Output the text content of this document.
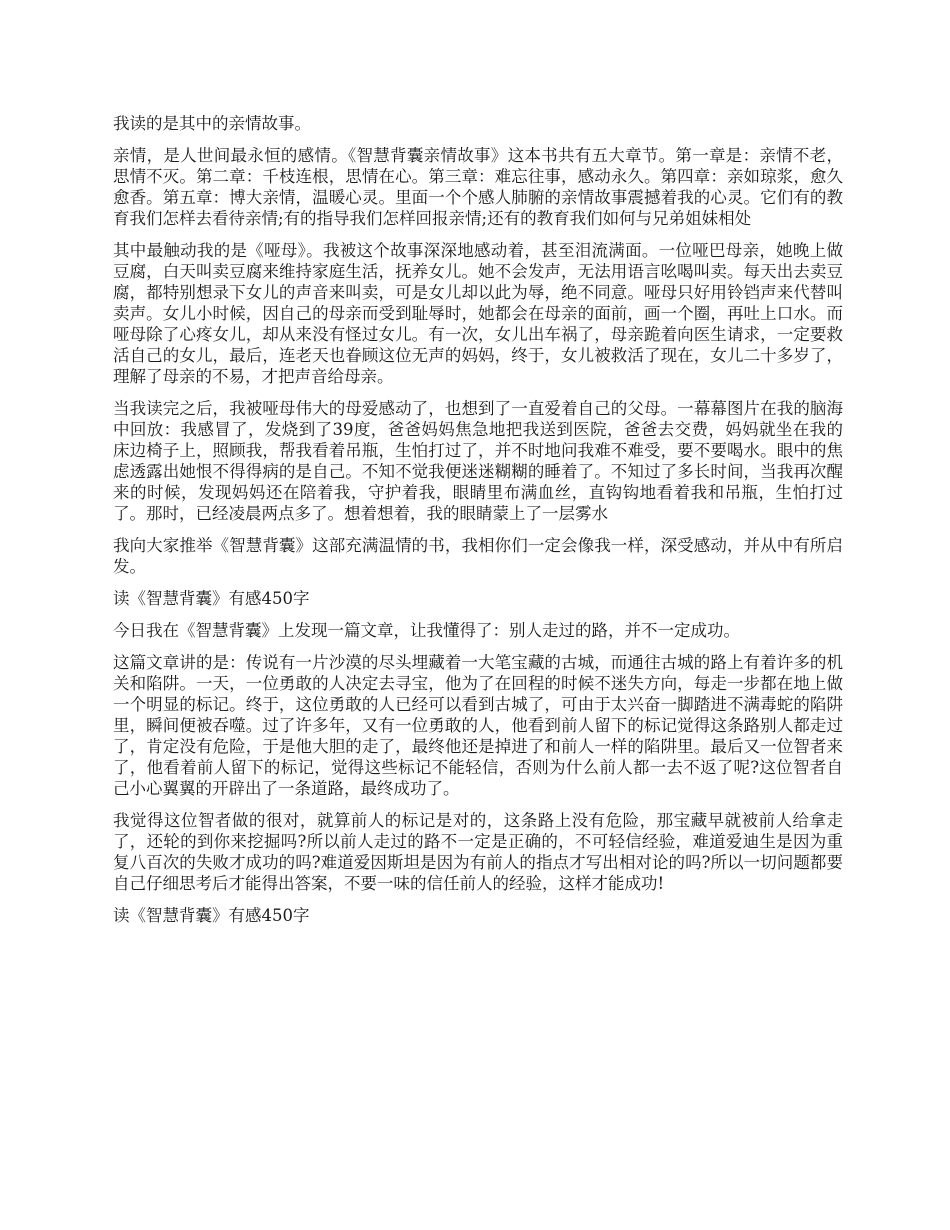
我读的是其中的亲情故事。

亲情，是人世间最永恒的感情。《智慧背囊亲情故事》这本书共有五大章节。第一章是：亲情不老，思情不灭。第二章：千枝连根，思情在心。第三章：难忘往事，感动永久。第四章：亲如琼浆，愈久愈香。第五章：博大亲情，温暖心灵。里面一个个感人肺腑的亲情故事震撼着我的心灵。它们有的教育我们怎样去看待亲情;有的指导我们怎样回报亲情;还有的教育我们如何与兄弟姐妹相处

其中最触动我的是《哑母》。我被这个故事深深地感动着，甚至泪流满面。一位哑巴母亲，她晚上做豆腐，白天叫卖豆腐来维持家庭生活，抚养女儿。她不会发声，无法用语言吆喝叫卖。每天出去卖豆腐，都特别想录下女儿的声音来叫卖，可是女儿却以此为辱，绝不同意。哑母只好用铃铛声来代替叫卖声。女儿小时候，因自己的母亲而受到耻辱时，她都会在母亲的面前，画一个圈，再吐上口水。而哑母除了心疼女儿，却从来没有怪过女儿。有一次，女儿出车祸了，母亲跪着向医生请求，一定要救活自己的女儿，最后，连老天也眷顾这位无声的妈妈，终于，女儿被救活了现在，女儿二十多岁了，理解了母亲的不易，才把声音给母亲。

当我读完之后，我被哑母伟大的母爱感动了，也想到了一直爱着自己的父母。一幕幕图片在我的脑海中回放：我感冒了，发烧到了39度，爸爸妈妈焦急地把我送到医院，爸爸去交费，妈妈就坐在我的床边椅子上，照顾我，帮我看着吊瓶，生怕打过了，并不时地问我难不难受，要不要喝水。眼中的焦虑透露出她恨不得得病的是自己。不知不觉我便迷迷糊糊的睡着了。不知过了多长时间，当我再次醒来的时候，发现妈妈还在陪着我，守护着我，眼睛里布满血丝，直钩钩地看着我和吊瓶，生怕打过了。那时，已经凌晨两点多了。想着想着，我的眼睛蒙上了一层雾水

我向大家推举《智慧背囊》这部充满温情的书，我相你们一定会像我一样，深受感动，并从中有所启发。

读《智慧背囊》有感450字

今日我在《智慧背囊》上发现一篇文章，让我懂得了：别人走过的路，并不一定成功。

这篇文章讲的是：传说有一片沙漠的尽头埋藏着一大笔宝藏的古城，而通往古城的路上有着许多的机关和陷阱。一天，一位勇敢的人决定去寻宝，他为了在回程的时候不迷失方向，每走一步都在地上做一个明显的标记。终于，这位勇敢的人已经可以看到古城了，可由于太兴奋一脚踏进不满毒蛇的陷阱里，瞬间便被吞噬。过了许多年，又有一位勇敢的人，他看到前人留下的标记觉得这条路别人都走过了，肯定没有危险，于是他大胆的走了，最终他还是掉进了和前人一样的陷阱里。最后又一位智者来了，他看着前人留下的标记，觉得这些标记不能轻信，否则为什么前人都一去不返了呢?这位智者自己小心翼翼的开辟出了一条道路，最终成功了。

我觉得这位智者做的很对，就算前人的标记是对的，这条路上没有危险，那宝藏早就被前人给拿走了，还轮的到你来挖掘吗?所以前人走过的路不一定是正确的，不可轻信经验，难道爱迪生是因为重复八百次的失败才成功的吗?难道爱因斯坦是因为有前人的指点才写出相对论的吗?所以一切问题都要自己仔细思考后才能得出答案，不要一味的信任前人的经验，这样才能成功!

读《智慧背囊》有感450字
